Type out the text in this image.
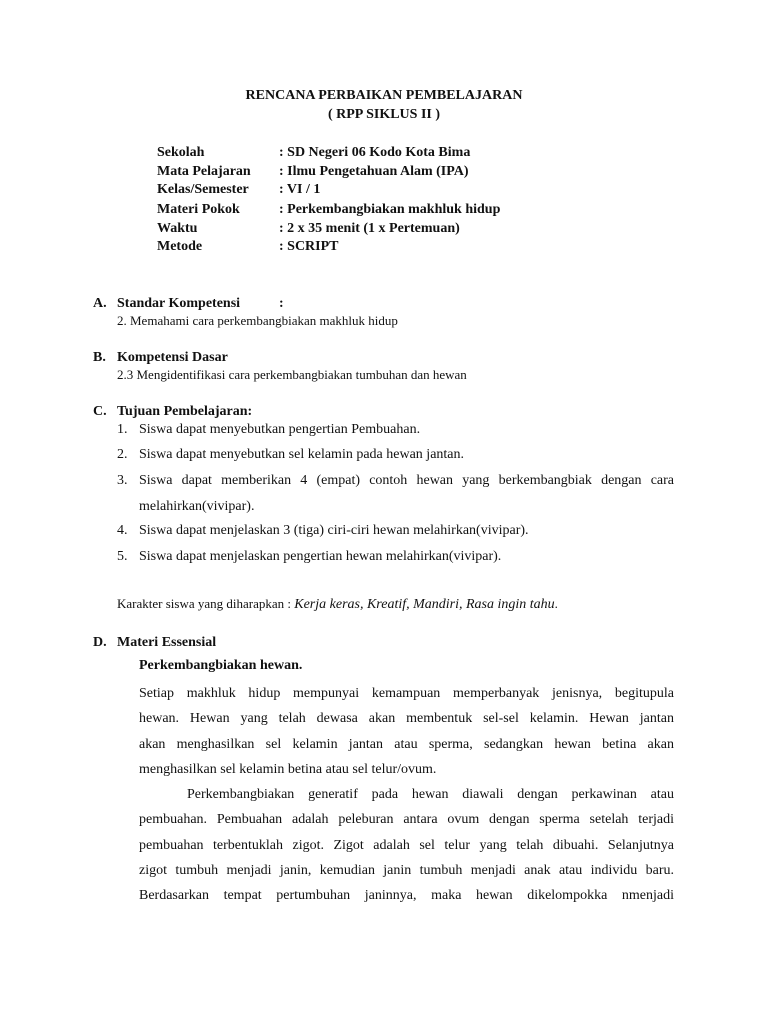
RENCANA PERBAIKAN PEMBELAJARAN
( RPP SIKLUS II )
Sekolah	: SD Negeri 06 Kodo Kota Bima
Mata Pelajaran : Ilmu Pengetahuan Alam (IPA)
Kelas/Semester : VI / 1
Materi Pokok	: Perkembangbiakan makhluk hidup
Waktu	: 2 x 35 menit (1 x Pertemuan)
Metode	: SCRIPT
A. Standar Kompetensi	:
2. Memahami cara perkembangbiakan makhluk hidup
B. Kompetensi Dasar
2.3 Mengidentifikasi cara perkembangbiakan tumbuhan dan hewan
C. Tujuan Pembelajaran:
1. Siswa dapat menyebutkan pengertian Pembuahan.
2. Siswa dapat menyebutkan sel kelamin pada hewan jantan.
3. Siswa dapat memberikan 4 (empat) contoh hewan yang berkembangbiak dengan cara
melahirkan(vivipar).
4. Siswa dapat menjelaskan 3 (tiga) ciri-ciri hewan melahirkan(vivipar).
5. Siswa dapat menjelaskan pengertian hewan melahirkan(vivipar).
Karakter siswa yang diharapkan : Kerja keras, Kreatif, Mandiri, Rasa ingin tahu.
D. Materi Essensial
Perkembangbiakan hewan.
Setiap makhluk hidup mempunyai kemampuan memperbanyak jenisnya, begitupula
hewan. Hewan yang telah dewasa akan membentuk sel-sel kelamin. Hewan jantan
akan menghasilkan sel kelamin jantan atau sperma, sedangkan hewan betina akan
menghasilkan sel kelamin betina atau sel telur/ovum.
Perkembangbiakan generatif pada hewan diawali dengan perkawinan atau
pembuahan. Pembuahan adalah peleburan antara ovum dengan sperma setelah terjadi
pembuahan terbentuklah zigot. Zigot adalah sel telur yang telah dibuahi. Selanjutnya
zigot tumbuh menjadi janin, kemudian janin tumbuh menjadi anak atau individu baru.
Berdasarkan tempat pertumbuhan janinnya, maka hewan dikelompokka nmenjadi
